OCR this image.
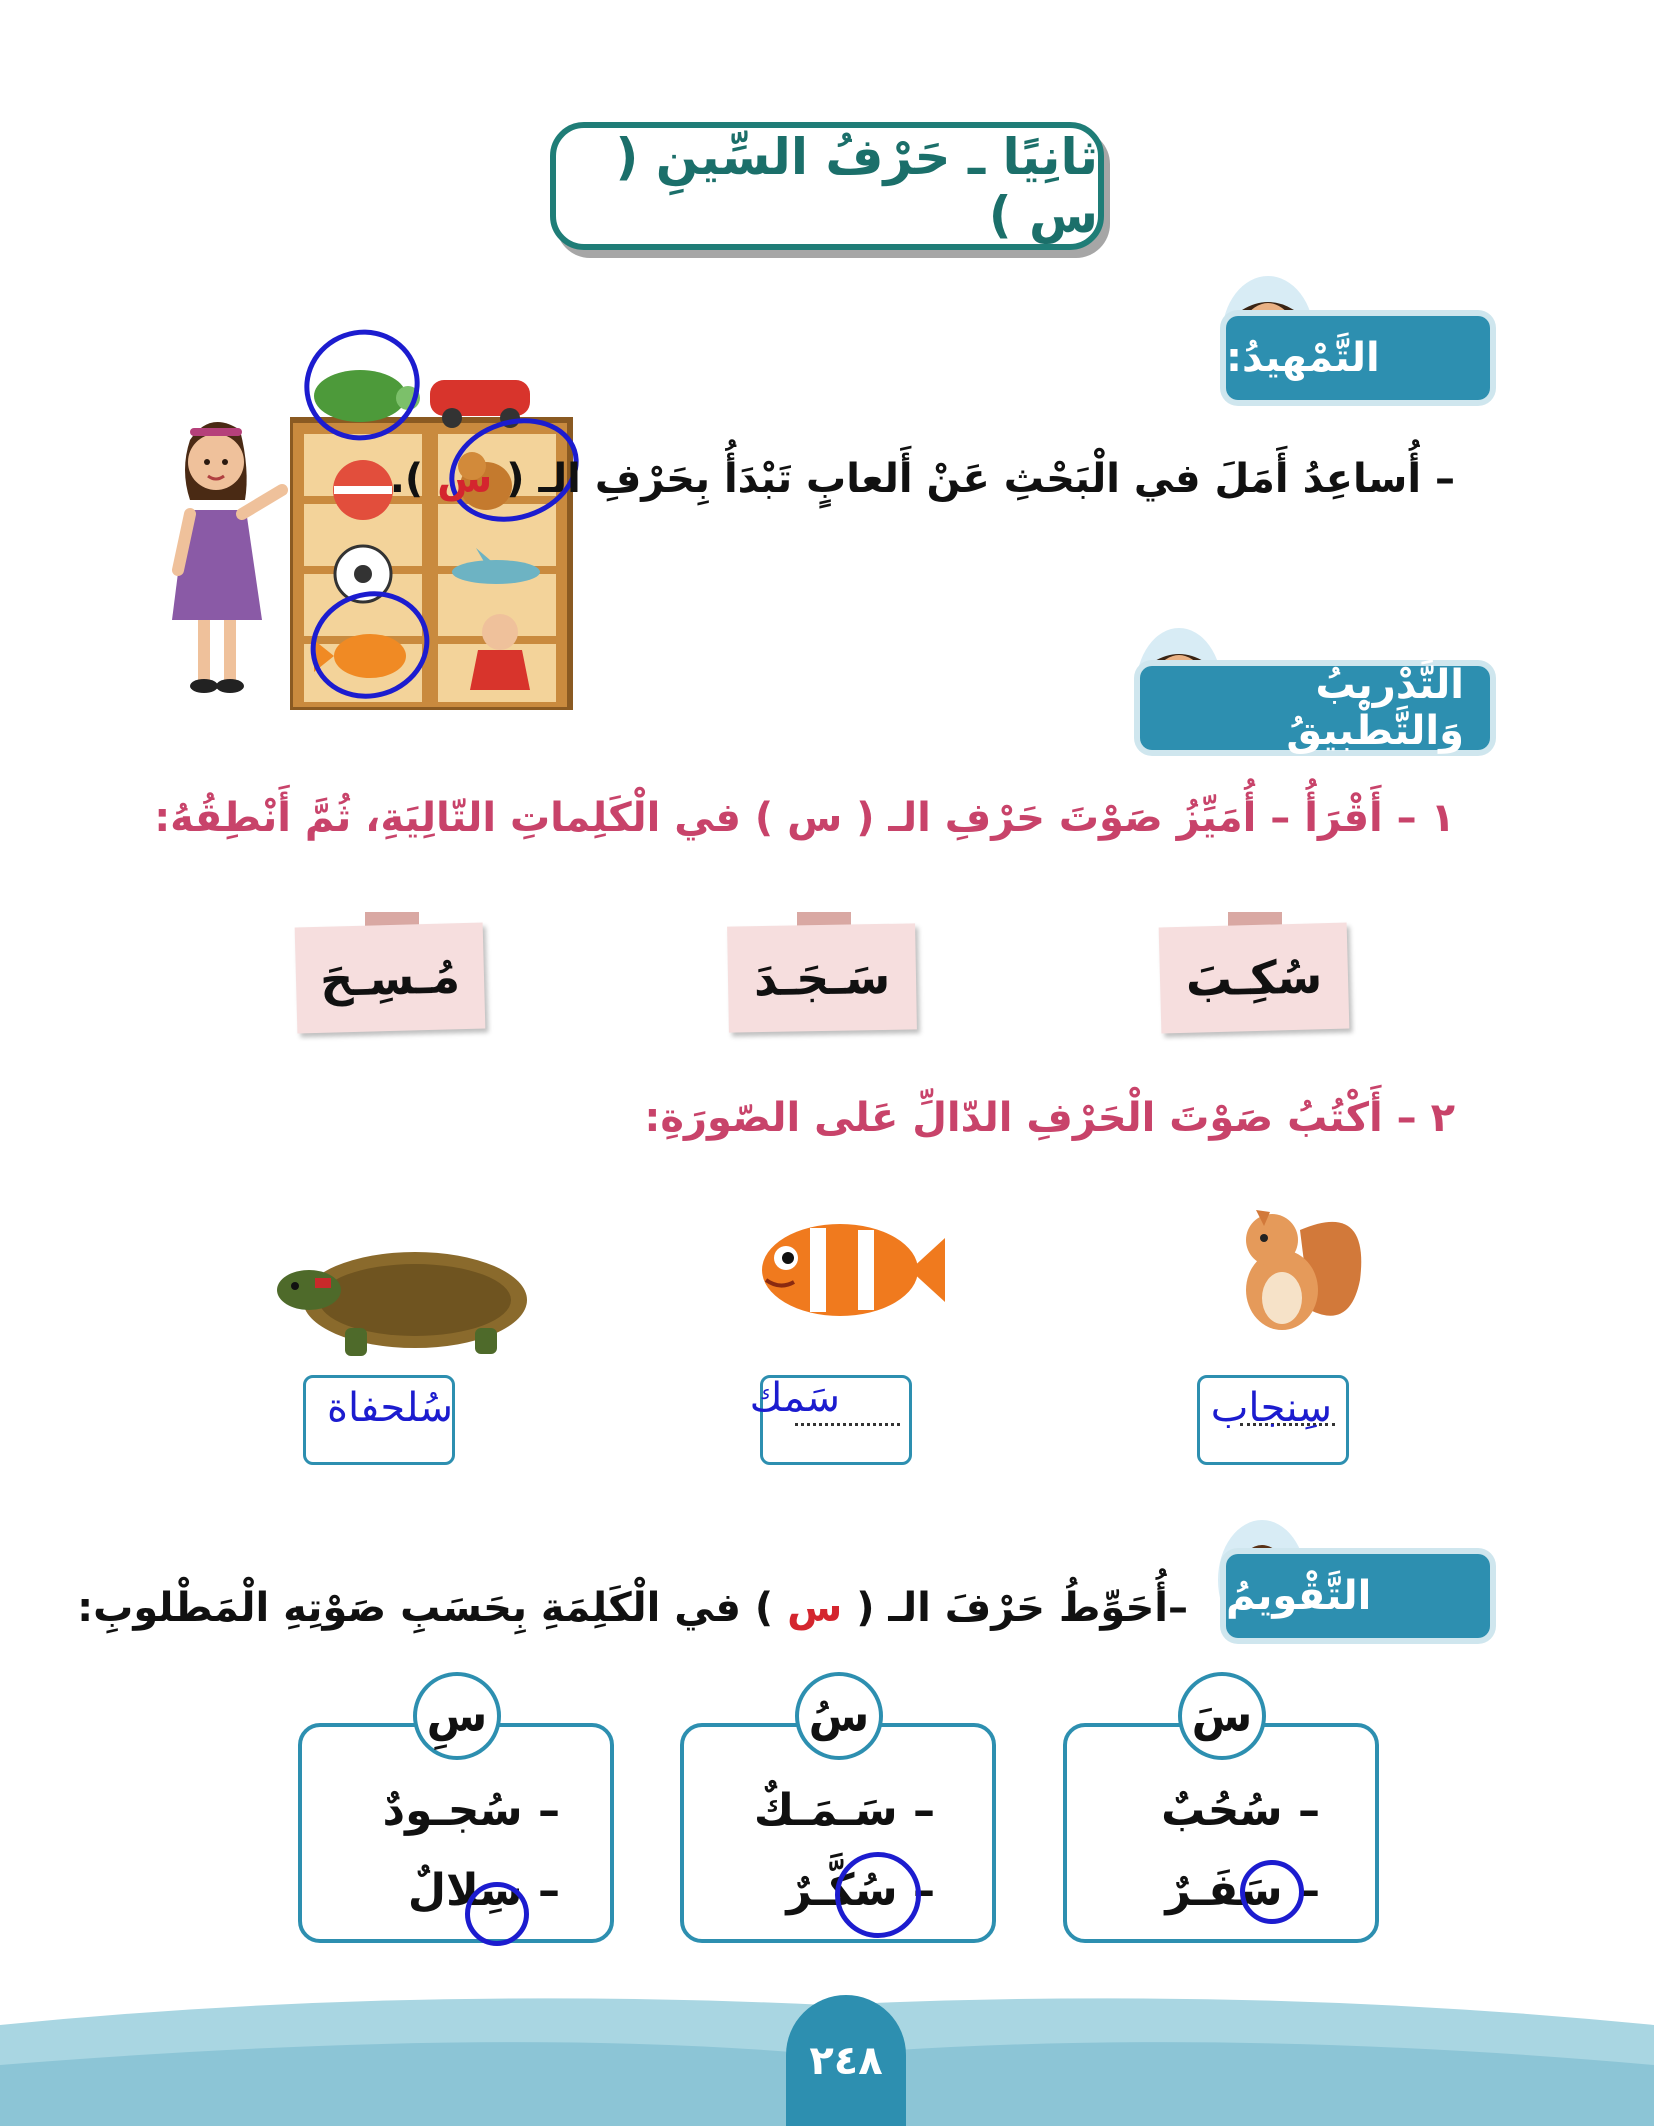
ثانِيًا ـ حَرْفُ السِّينِ ( س )
التَّمْهيدُ:
– أُساعِدُ أَمَلَ في الْبَحْثِ عَنْ أَلعابٍ تَبْدَأُ بِحَرْفِ الـ ( س ).
التَّدْريبُ وَالتَّطْبيقُ
١ – أَقْرَأُ – أُمَيِّزُ صَوْتَ حَرْفِ الـ ( س ) في الْكَلِماتِ التّالِيَةِ، ثُمَّ أَنْطِقُهُ:
سُكِـبَ
سَـجَـدَ
مُـسِـحَ
٢ – أَكْتُبُ صَوْتَ الْحَرْفِ الدّالِّ عَلى الصّورَةِ:
سِنجاب
سَمك
سُلحفاة
التَّقْويمُ
–أُحَوِّطُ حَرْفَ الـ ( س ) في الْكَلِمَةِ بِحَسَبِ صَوْتِهِ الْمَطْلوبِ:
سَ
– سُحُبٌ
– سَفَـرٌ
سُ
– سَـمَـكٌ
– سُكَّـرٌ
سِ
– سُجـودٌ
– سِلالٌ
٢٤٨
